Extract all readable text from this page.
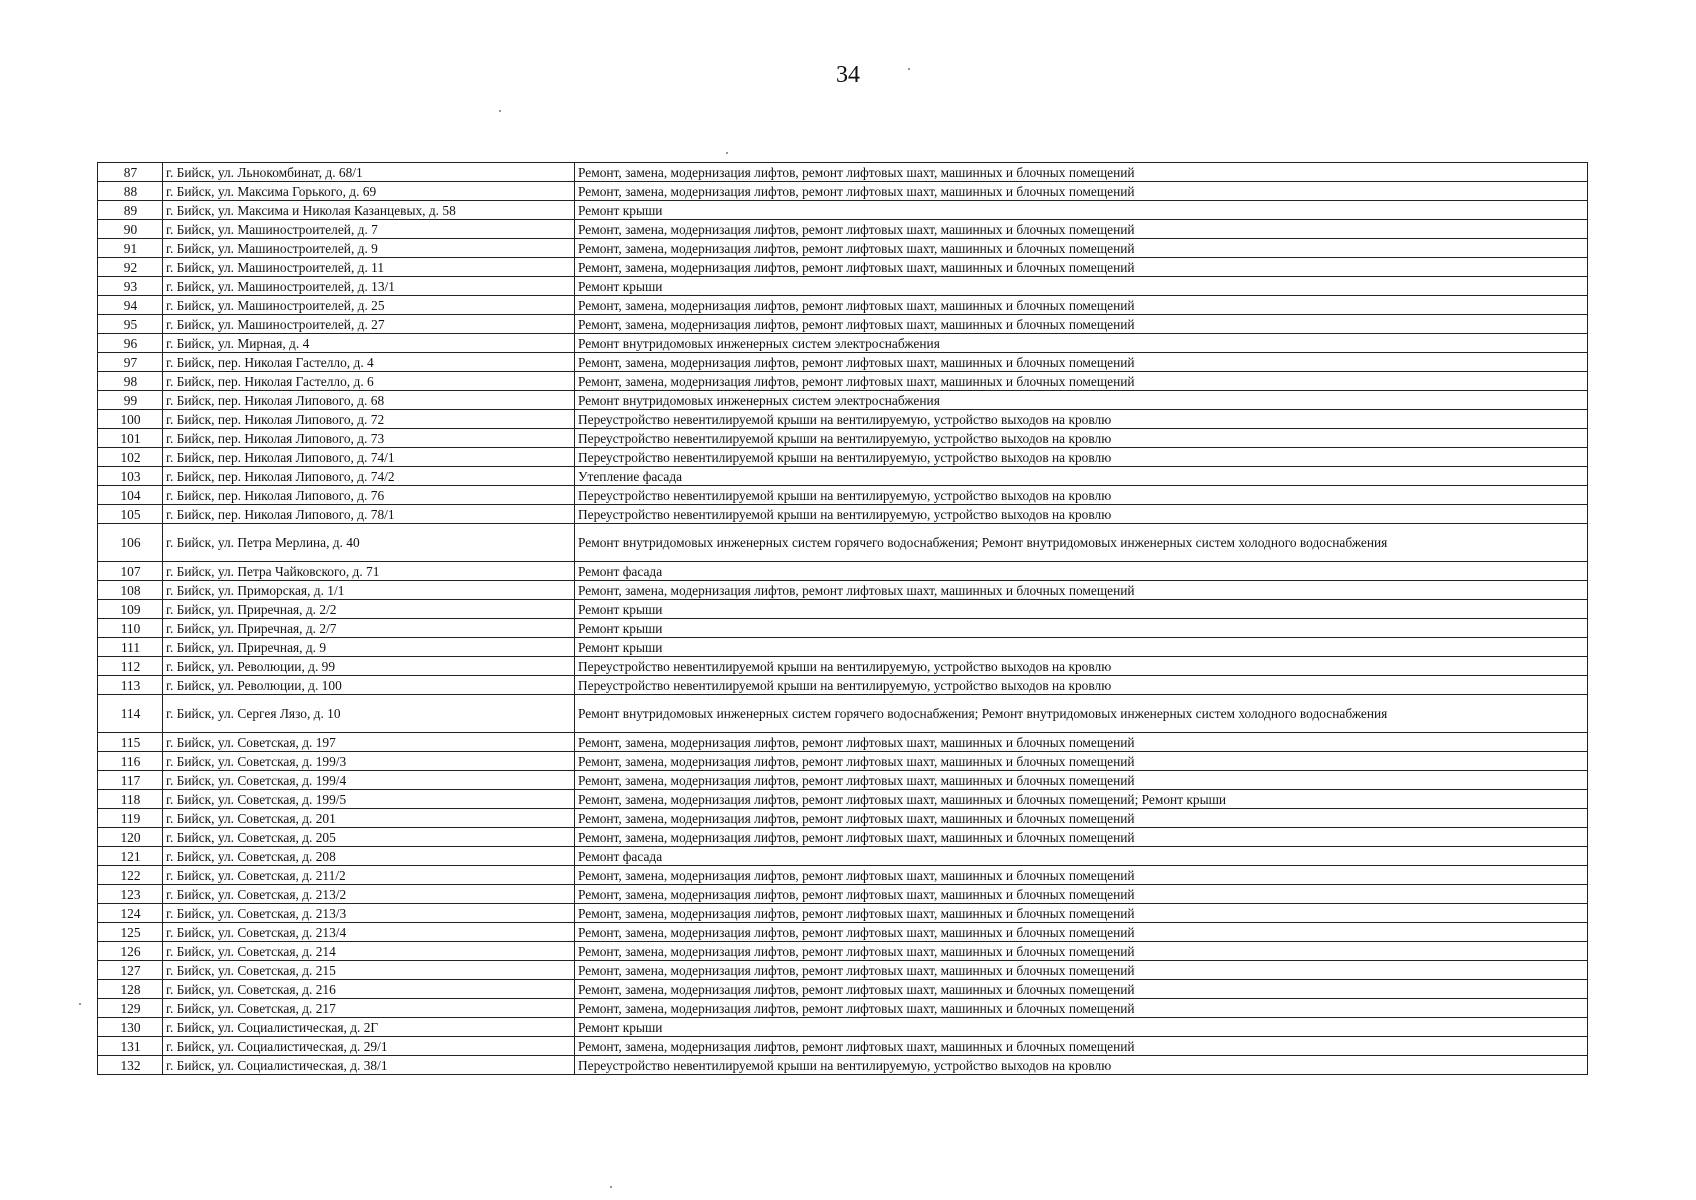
34
87	г. Бийск, ул. Льнокомбинат, д. 68/1	Ремонт, замена, модернизация лифтов, ремонт лифтовых шахт, машинных и блочных помещений
88	г. Бийск, ул. Максима Горького, д. 69	Ремонт, замена, модернизация лифтов, ремонт лифтовых шахт, машинных и блочных помещений
89	г. Бийск, ул. Максима и Николая Казанцевых, д. 58	Ремонт крыши
90	г. Бийск, ул. Машиностроителей, д. 7	Ремонт, замена, модернизация лифтов, ремонт лифтовых шахт, машинных и блочных помещений
91	г. Бийск, ул. Машиностроителей, д. 9	Ремонт, замена, модернизация лифтов, ремонт лифтовых шахт, машинных и блочных помещений
92	г. Бийск, ул. Машиностроителей, д. 11	Ремонт, замена, модернизация лифтов, ремонт лифтовых шахт, машинных и блочных помещений
93	г. Бийск, ул. Машиностроителей, д. 13/1	Ремонт крыши
94	г. Бийск, ул. Машиностроителей, д. 25	Ремонт, замена, модернизация лифтов, ремонт лифтовых шахт, машинных и блочных помещений
95	г. Бийск, ул. Машиностроителей, д. 27	Ремонт, замена, модернизация лифтов, ремонт лифтовых шахт, машинных и блочных помещений
96	г. Бийск, ул. Мирная, д. 4	Ремонт внутридомовых инженерных систем электроснабжения
97	г. Бийск, пер. Николая Гастелло, д. 4	Ремонт, замена, модернизация лифтов, ремонт лифтовых шахт, машинных и блочных помещений
98	г. Бийск, пер. Николая Гастелло, д. 6	Ремонт, замена, модернизация лифтов, ремонт лифтовых шахт, машинных и блочных помещений
99	г. Бийск, пер. Николая Липового, д. 68	Ремонт внутридомовых инженерных систем электроснабжения
100	г. Бийск, пер. Николая Липового, д. 72	Переустройство невентилируемой крыши на вентилируемую, устройство выходов на кровлю
101	г. Бийск, пер. Николая Липового, д. 73	Переустройство невентилируемой крыши на вентилируемую, устройство выходов на кровлю
102	г. Бийск, пер. Николая Липового, д. 74/1	Переустройство невентилируемой крыши на вентилируемую, устройство выходов на кровлю
103	г. Бийск, пер. Николая Липового, д. 74/2	Утепление фасада
104	г. Бийск, пер. Николая Липового, д. 76	Переустройство невентилируемой крыши на вентилируемую, устройство выходов на кровлю
105	г. Бийск, пер. Николая Липового, д. 78/1	Переустройство невентилируемой крыши на вентилируемую, устройство выходов на кровлю
106	г. Бийск, ул. Петра Мерлина, д. 40	Ремонт внутридомовых инженерных систем горячего водоснабжения; Ремонт внутридомовых инженерных систем холодного водоснабжения
107	г. Бийск, ул. Петра Чайковского, д. 71	Ремонт фасада
108	г. Бийск, ул. Приморская, д. 1/1	Ремонт, замена, модернизация лифтов, ремонт лифтовых шахт, машинных и блочных помещений
109	г. Бийск, ул. Приречная, д. 2/2	Ремонт крыши
110	г. Бийск, ул. Приречная, д. 2/7	Ремонт крыши
111	г. Бийск, ул. Приречная, д. 9	Ремонт крыши
112	г. Бийск, ул. Революции, д. 99	Переустройство невентилируемой крыши на вентилируемую, устройство выходов на кровлю
113	г. Бийск, ул. Революции, д. 100	Переустройство невентилируемой крыши на вентилируемую, устройство выходов на кровлю
114	г. Бийск, ул. Сергея Лязо, д. 10	Ремонт внутридомовых инженерных систем горячего водоснабжения; Ремонт внутридомовых инженерных систем холодного водоснабжения
115	г. Бийск, ул. Советская, д. 197	Ремонт, замена, модернизация лифтов, ремонт лифтовых шахт, машинных и блочных помещений
116	г. Бийск, ул. Советская, д. 199/3	Ремонт, замена, модернизация лифтов, ремонт лифтовых шахт, машинных и блочных помещений
117	г. Бийск, ул. Советская, д. 199/4	Ремонт, замена, модернизация лифтов, ремонт лифтовых шахт, машинных и блочных помещений
118	г. Бийск, ул. Советская, д. 199/5	Ремонт, замена, модернизация лифтов, ремонт лифтовых шахт, машинных и блочных помещений; Ремонт крыши
119	г. Бийск, ул. Советская, д. 201	Ремонт, замена, модернизация лифтов, ремонт лифтовых шахт, машинных и блочных помещений
120	г. Бийск, ул. Советская, д. 205	Ремонт, замена, модернизация лифтов, ремонт лифтовых шахт, машинных и блочных помещений
121	г. Бийск, ул. Советская, д. 208	Ремонт фасада
122	г. Бийск, ул. Советская, д. 211/2	Ремонт, замена, модернизация лифтов, ремонт лифтовых шахт, машинных и блочных помещений
123	г. Бийск, ул. Советская, д. 213/2	Ремонт, замена, модернизация лифтов, ремонт лифтовых шахт, машинных и блочных помещений
124	г. Бийск, ул. Советская, д. 213/3	Ремонт, замена, модернизация лифтов, ремонт лифтовых шахт, машинных и блочных помещений
125	г. Бийск, ул. Советская, д. 213/4	Ремонт, замена, модернизация лифтов, ремонт лифтовых шахт, машинных и блочных помещений
126	г. Бийск, ул. Советская, д. 214	Ремонт, замена, модернизация лифтов, ремонт лифтовых шахт, машинных и блочных помещений
127	г. Бийск, ул. Советская, д. 215	Ремонт, замена, модернизация лифтов, ремонт лифтовых шахт, машинных и блочных помещений
128	г. Бийск, ул. Советская, д. 216	Ремонт, замена, модернизация лифтов, ремонт лифтовых шахт, машинных и блочных помещений
129	г. Бийск, ул. Советская, д. 217	Ремонт, замена, модернизация лифтов, ремонт лифтовых шахт, машинных и блочных помещений
130	г. Бийск, ул. Социалистическая, д. 2Г	Ремонт крыши
131	г. Бийск, ул. Социалистическая, д. 29/1	Ремонт, замена, модернизация лифтов, ремонт лифтовых шахт, машинных и блочных помещений
132	г. Бийск, ул. Социалистическая, д. 38/1	Переустройство невентилируемой крыши на вентилируемую, устройство выходов на кровлю
